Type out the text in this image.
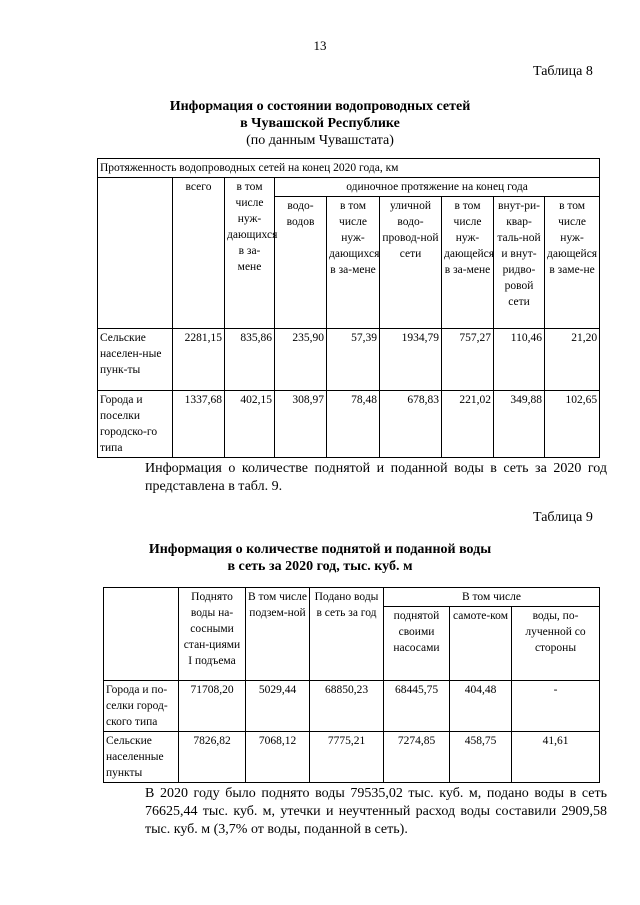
13
Таблица 8
Информация о состоянии водопроводных сетей
в Чувашской Республике
(по данным Чувашстата)
Протяженность водопроводных сетей на конец 2020 года, км								
	всего	в том числе нуж-дающихся в за-мене	одиночное протяжение на конец года					
			водо-водов	в том числе нуж-дающихся в за-мене	уличной водо-провод-ной сети	в том числе нуж-дающейся в за-мене	внут-ри-квар-таль-ной и внут-ридво-ровой сети	в том числе нуж-дающейся в заме-не
Сельские населен-ные пунк-ты	2281,15	835,86	235,90	57,39	1934,79	757,27	110,46	21,20
Города и поселки городско-го типа	1337,68	402,15	308,97	78,48	678,83	221,02	349,88	102,65
Информация о количестве поднятой и поданной воды в сеть за 2020 год представлена в табл. 9.
Таблица 9
Информация о количестве поднятой и поданной воды
в сеть за 2020 год, тыс. куб. м
	Поднято воды на-сосными стан-циями I подъема	В том числе подзем-ной	Подано воды в сеть за год	В том числе		
				поднятой своими насосами	самоте-ком	воды, по-лученной со стороны
Города и по-селки город-ского типа	71708,20	5029,44	68850,23	68445,75	404,48	-
Сельские населенные пункты	7826,82	7068,12	7775,21	7274,85	458,75	41,61
В 2020 году было поднято воды 79535,02 тыс. куб. м, подано воды в сеть 76625,44 тыс. куб. м, утечки и неучтенный расход воды составили 2909,58 тыс. куб. м (3,7% от воды, поданной в сеть).
